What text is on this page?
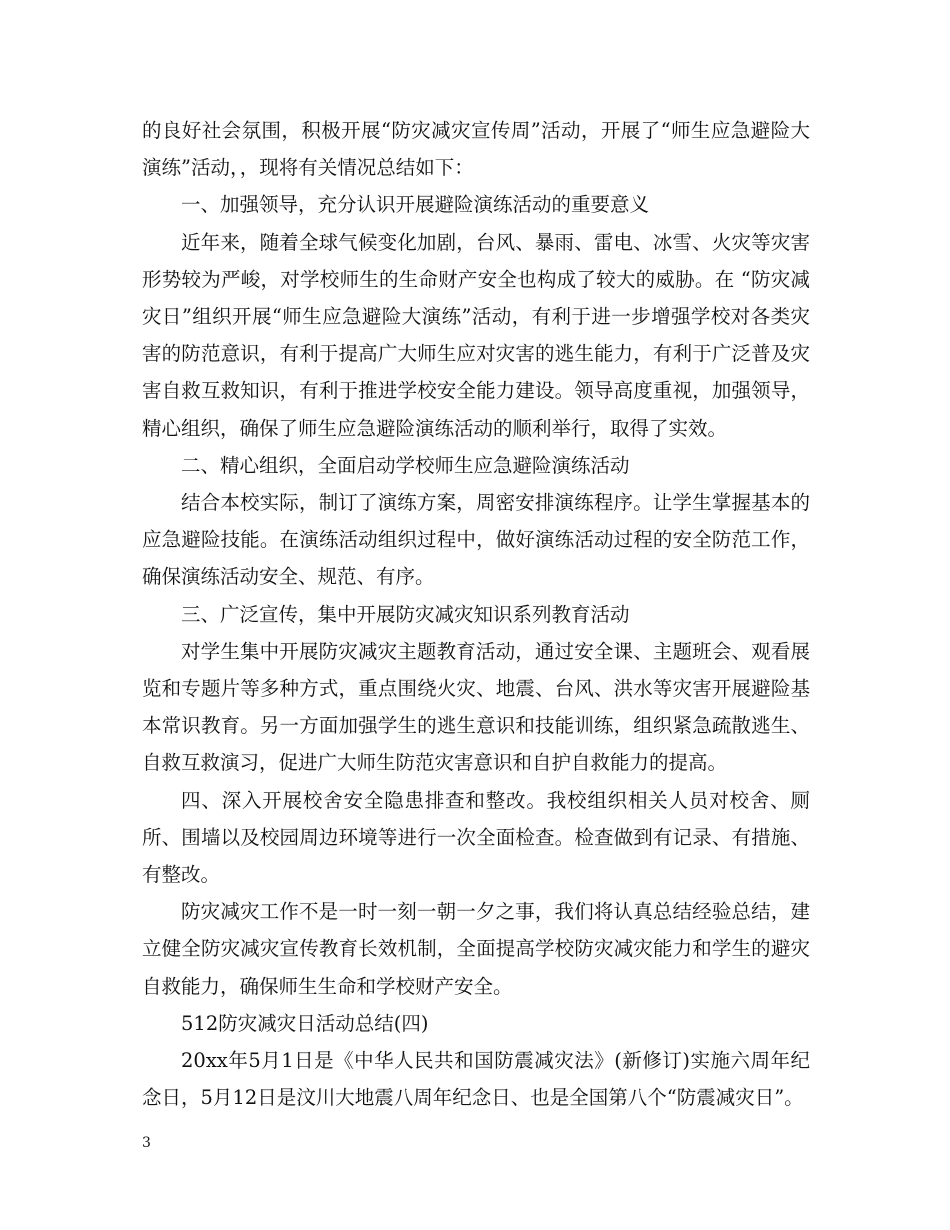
的良好社会氛围，积极开展“防灾减灾宣传周”活动，开展了“师生应急避险大演练”活动，，现将有关情况总结如下：

一、加强领导，充分认识开展避险演练活动的重要意义

近年来，随着全球气候变化加剧，台风、暴雨、雷电、冰雪、火灾等灾害形势较为严峻，对学校师生的生命财产安全也构成了较大的威胁。在 “防灾减灾日”组织开展“师生应急避险大演练”活动，有利于进一步增强学校对各类灾害的防范意识，有利于提高广大师生应对灾害的逃生能力，有利于广泛普及灾害自救互救知识，有利于推进学校安全能力建设。领导高度重视，加强领导，精心组织，确保了师生应急避险演练活动的顺利举行，取得了实效。

二、精心组织，全面启动学校师生应急避险演练活动

结合本校实际，制订了演练方案，周密安排演练程序。让学生掌握基本的应急避险技能。在演练活动组织过程中，做好演练活动过程的安全防范工作，确保演练活动安全、规范、有序。

三、广泛宣传，集中开展防灾减灾知识系列教育活动

对学生集中开展防灾减灾主题教育活动，通过安全课、主题班会、观看展览和专题片等多种方式，重点围绕火灾、地震、台风、洪水等灾害开展避险基本常识教育。另一方面加强学生的逃生意识和技能训练，组织紧急疏散逃生、自救互救演习，促进广大师生防范灾害意识和自护自救能力的提高。

四、深入开展校舍安全隐患排查和整改。我校组织相关人员对校舍、厕所、围墙以及校园周边环境等进行一次全面检查。检查做到有记录、有措施、有整改。

防灾减灾工作不是一时一刻一朝一夕之事，我们将认真总结经验总结，建立健全防灾减灾宣传教育长效机制，全面提高学校防灾减灾能力和学生的避灾自救能力，确保师生生命和学校财产安全。

512防灾减灾日活动总结(四)

20xx年5月1日是《中华人民共和国防震减灾法》(新修订)实施六周年纪念日，5月12日是汶川大地震八周年纪念日、也是全国第八个“防震减灾日”。

3
